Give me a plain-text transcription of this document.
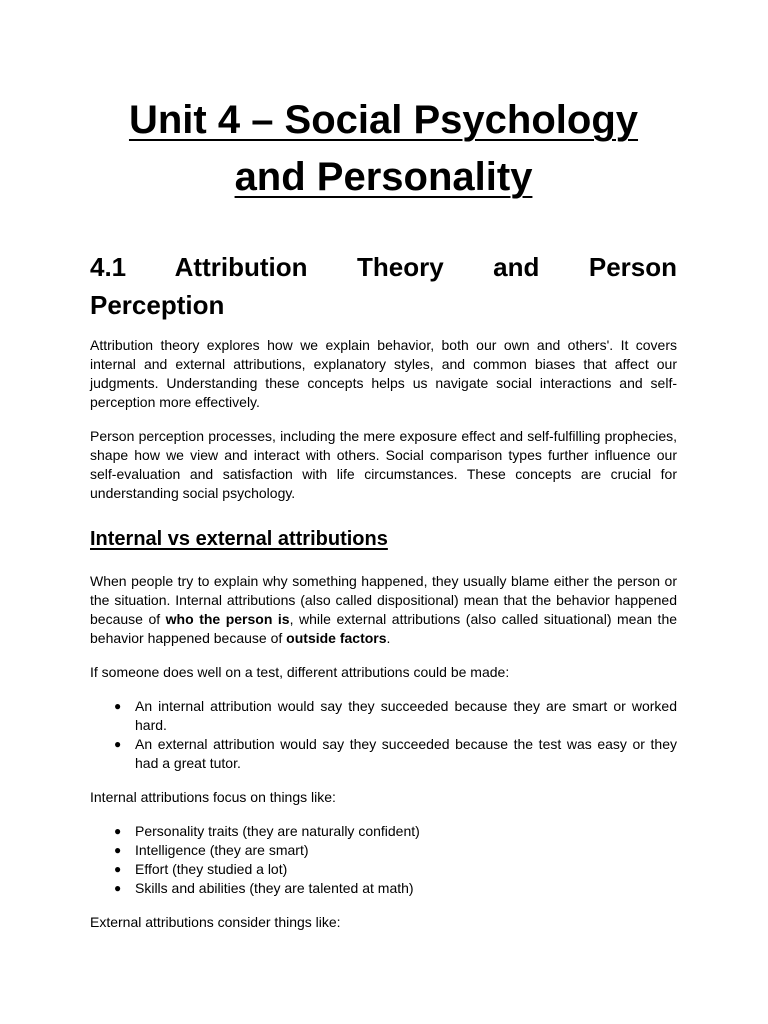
Unit 4 – Social Psychology
and Personality
4.1 Attribution Theory and Person
Perception

Attribution theory explores how we explain behavior, both our own and others'. It covers internal and external attributions, explanatory styles, and common biases that affect our judgments. Understanding these concepts helps us navigate social interactions and self-perception more effectively.

Person perception processes, including the mere exposure effect and self-fulfilling prophecies, shape how we view and interact with others. Social comparison types further influence our self-evaluation and satisfaction with life circumstances. These concepts are crucial for understanding social psychology.

Internal vs external attributions

When people try to explain why something happened, they usually blame either the person or the situation. Internal attributions (also called dispositional) mean that the behavior happened because of who the person is, while external attributions (also called situational) mean the behavior happened because of outside factors.

If someone does well on a test, different attributions could be made:

● An internal attribution would say they succeeded because they are smart or worked hard.
● An external attribution would say they succeeded because the test was easy or they had a great tutor.

Internal attributions focus on things like:

● Personality traits (they are naturally confident)
● Intelligence (they are smart)
● Effort (they studied a lot)
● Skills and abilities (they are talented at math)

External attributions consider things like:
